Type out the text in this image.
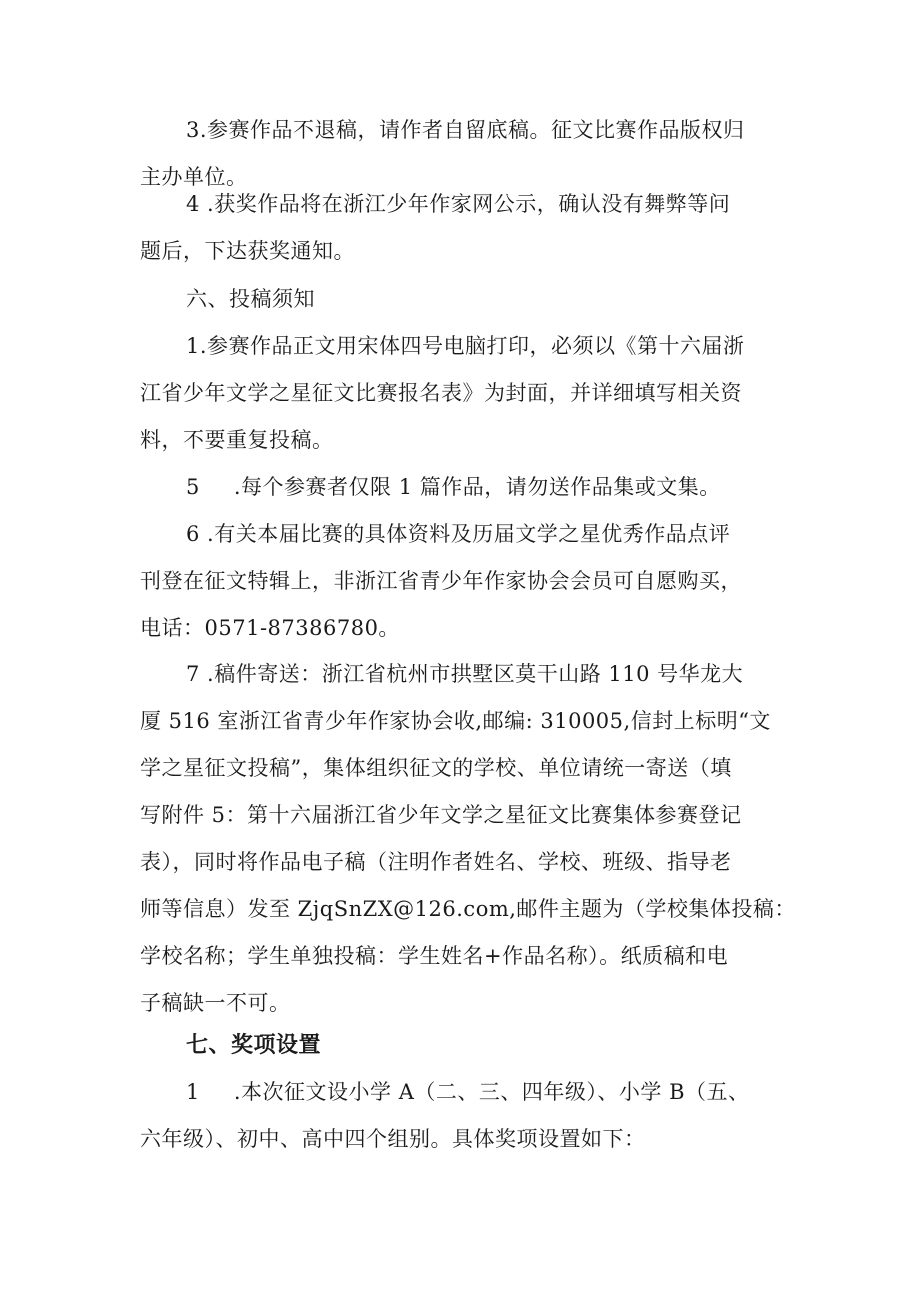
3.参赛作品不退稿，请作者自留底稿。征文比赛作品版权归
主办单位。
4 .获奖作品将在浙江少年作家网公示，确认没有舞弊等问
题后，下达获奖通知。
六、投稿须知
1.参赛作品正文用宋体四号电脑打印，必须以《第十六届浙
江省少年文学之星征文比赛报名表》为封面，并详细填写相关资
料，不要重复投稿。
5 .每个参赛者仅限 1 篇作品，请勿送作品集或文集。
6 .有关本届比赛的具体资料及历届文学之星优秀作品点评
刊登在征文特辑上，非浙江省青少年作家协会会员可自愿购买，
电话：0571-87386780。
7 .稿件寄送：浙江省杭州市拱墅区莫干山路 110 号华龙大
厦 516 室浙江省青少年作家协会收,邮编: 310005,信封上标明“文
学之星征文投稿”，集体组织征文的学校、单位请统一寄送（填
写附件 5：第十六届浙江省少年文学之星征文比赛集体参赛登记
表），同时将作品电子稿（注明作者姓名、学校、班级、指导老
师等信息）发至 ZjqSnZX@126.com,邮件主题为（学校集体投稿：
学校名称；学生单独投稿：学生姓名+作品名称）。纸质稿和电
子稿缺一不可。
七、奖项设置
1 .本次征文设小学 A（二、三、四年级）、小学 B（五、
六年级）、初中、高中四个组别。具体奖项设置如下：
